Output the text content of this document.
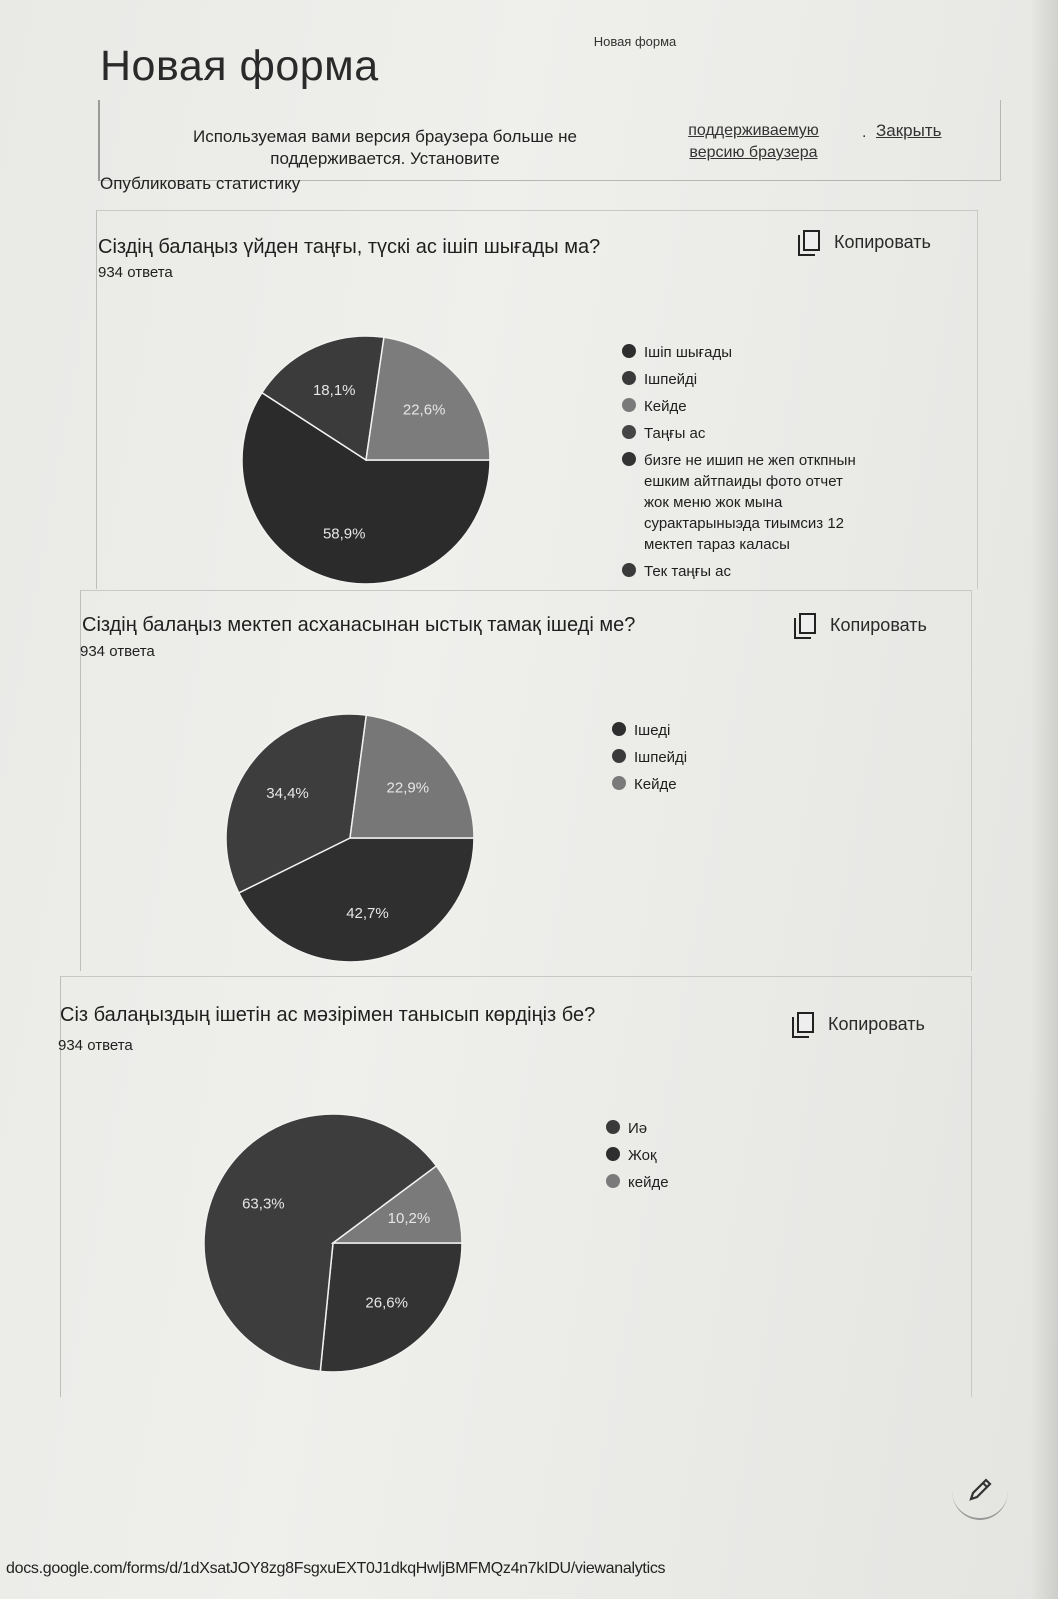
Новая форма
Новая форма
Используемая вами версия браузера больше не поддерживается. Установите
поддерживаемую версию браузера
. Закрыть
Опубликовать статистику
Сіздің балаңыз үйден таңғы, түскі ас ішіп шығады ма?
934 ответа
Копировать
58,9%
18,1%
22,6%
Ішіп шығады
Ішпейді
Кейде
Таңғы ас
бизге не ишип не жеп откпнын ешким айтпаиды фото отчет жок меню жок мына сурактарыныэда тиымсиз 12 мектеп тараз каласы
Тек таңғы ас
Сіздің балаңыз мектеп асханасынан ыстық тамақ ішеді ме?
934 ответа
Копировать
42,7%
34,4%	22,9%
Ішеді
Ішпейді
Кейде
Сіз балаңыздың ішетін ас мәзірімен танысып көрдіңіз бе?
934 ответа
Копировать
26,6%
63,3%
10,2%
Иә
Жоқ
кейде
docs.google.com/forms/d/1dXsatJOY8zg8FsgxuEXT0J1dkqHwljBMFMQz4n7kIDU/viewanalytics
